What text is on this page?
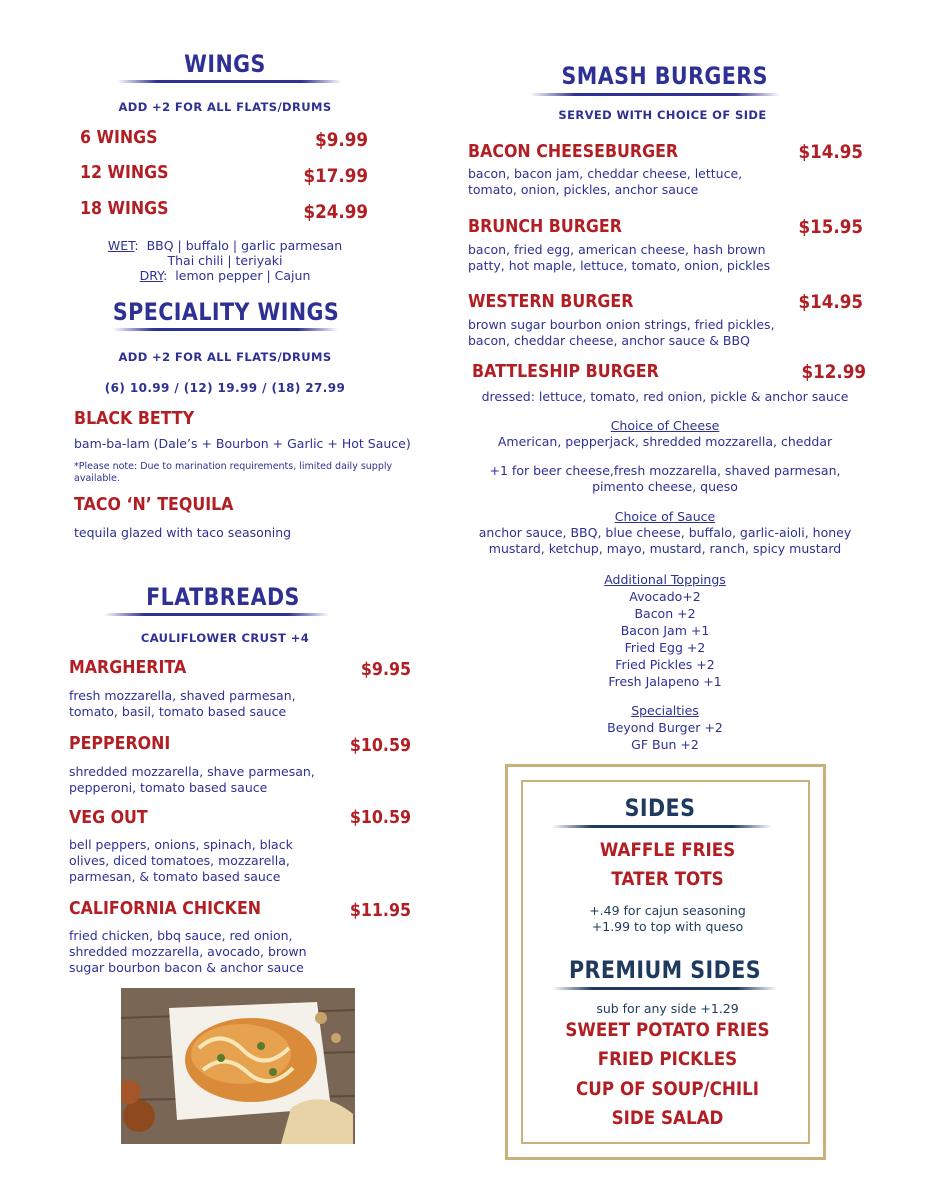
WINGS
ADD +2 FOR ALL FLATS/DRUMS
6 WINGS	$9.99
12 WINGS	$17.99
18 WINGS	$24.99
WET:  BBQ | buffalo | garlic parmesan
Thai chili | teriyaki
DRY:  lemon pepper | Cajun
SPECIALITY WINGS
ADD +2 FOR ALL FLATS/DRUMS
(6) 10.99 / (12) 19.99 / (18) 27.99
BLACK BETTY
bam-ba-lam (Dale’s + Bourbon + Garlic + Hot Sauce)
*Please note: Due to marination requirements, limited daily supply available.
TACO ‘N’ TEQUILA
tequila glazed with taco seasoning
FLATBREADS
CAULIFLOWER CRUST +4
MARGHERITA	$9.95
fresh mozzarella, shaved parmesan,
tomato, basil, tomato based sauce
PEPPERONI	$10.59
shredded mozzarella, shave parmesan,
pepperoni, tomato based sauce
VEG OUT	$10.59
bell peppers, onions, spinach, black
olives, diced tomatoes, mozzarella,
parmesan, & tomato based sauce
CALIFORNIA CHICKEN	$11.95
fried chicken, bbq sauce, red onion,
shredded mozzarella, avocado, brown
sugar bourbon bacon & anchor sauce
SMASH BURGERS
SERVED WITH CHOICE OF SIDE
BACON CHEESEBURGER	$14.95
bacon, bacon jam, cheddar cheese, lettuce,
tomato, onion, pickles, anchor sauce
BRUNCH BURGER	$15.95
bacon, fried egg, american cheese, hash brown
patty, hot maple, lettuce, tomato, onion, pickles
WESTERN BURGER	$14.95
brown sugar bourbon onion strings, fried pickles,
bacon, cheddar cheese, anchor sauce & BBQ
BATTLESHIP BURGER	$12.99
dressed: lettuce, tomato, red onion, pickle & anchor sauce
Choice of Cheese
American, pepperjack, shredded mozzarella, cheddar
+1 for beer cheese,fresh mozzarella, shaved parmesan,
pimento cheese, queso
Choice of Sauce
anchor sauce, BBQ, blue cheese, buffalo, garlic-aioli, honey
mustard, ketchup, mayo, mustard, ranch, spicy mustard
Additional Toppings
Avocado+2
Bacon +2
Bacon Jam +1
Fried Egg +2
Fried Pickles +2
Fresh Jalapeno +1
Specialties
Beyond Burger +2
GF Bun +2
SIDES
WAFFLE FRIES
TATER TOTS
+.49 for cajun seasoning
+1.99 to top with queso
PREMIUM SIDES
sub for any side +1.29
SWEET POTATO FRIES
FRIED PICKLES
CUP OF SOUP/CHILI
SIDE SALAD
